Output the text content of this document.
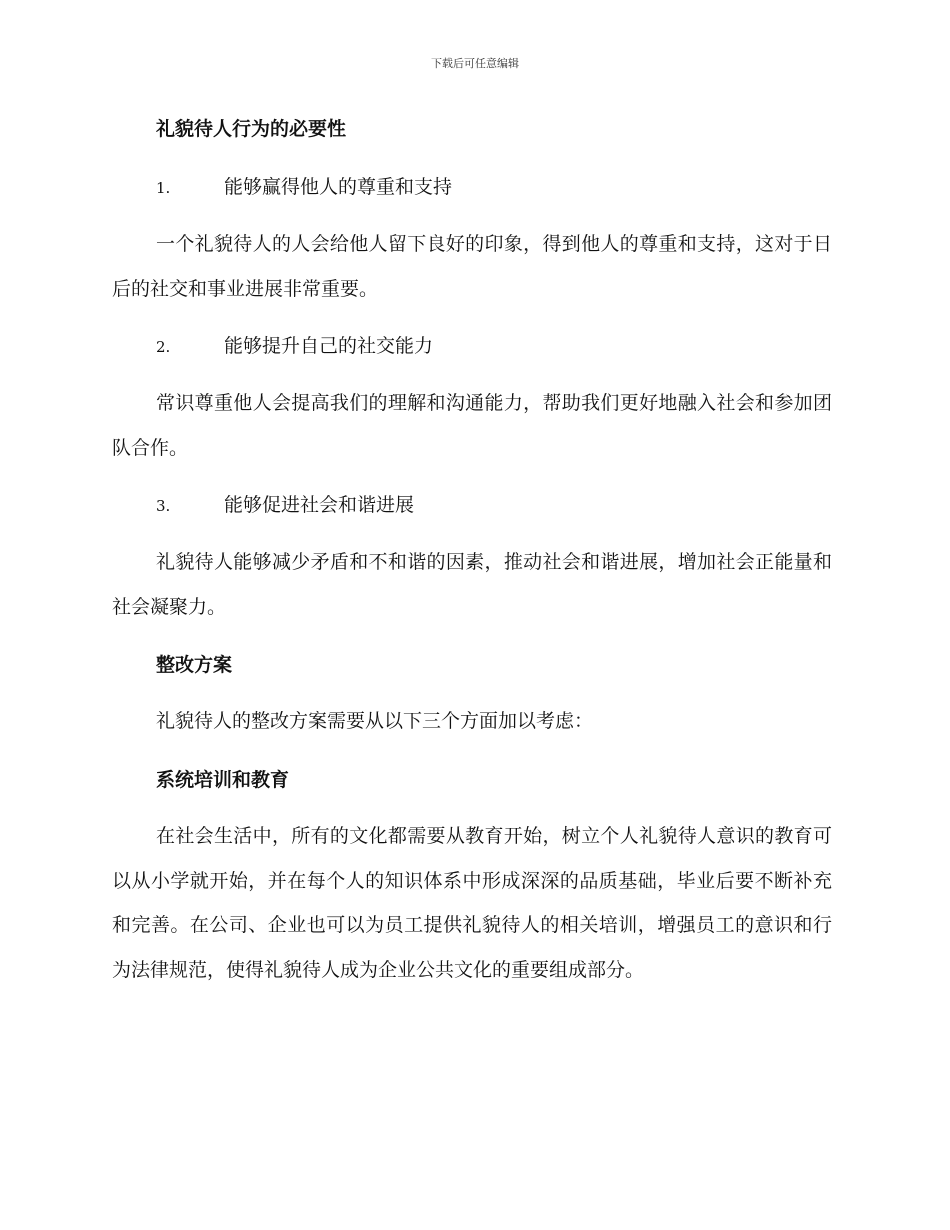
下载后可任意编辑
礼貌待人行为的必要性
1.	能够赢得他人的尊重和支持

一个礼貌待人的人会给他人留下良好的印象，得到他人的尊重和支持，这对于日后的社交和事业进展非常重要。

2.	能够提升自己的社交能力

常识尊重他人会提高我们的理解和沟通能力，帮助我们更好地融入社会和参加团队合作。

3.	能够促进社会和谐进展

礼貌待人能够减少矛盾和不和谐的因素，推动社会和谐进展，增加社会正能量和社会凝聚力。

整改方案

礼貌待人的整改方案需要从以下三个方面加以考虑：

系统培训和教育

在社会生活中，所有的文化都需要从教育开始，树立个人礼貌待人意识的教育可以从小学就开始，并在每个人的知识体系中形成深深的品质基础，毕业后要不断补充和完善。在公司、企业也可以为员工提供礼貌待人的相关培训，增强员工的意识和行为法律规范，使得礼貌待人成为企业公共文化的重要组成部分。
